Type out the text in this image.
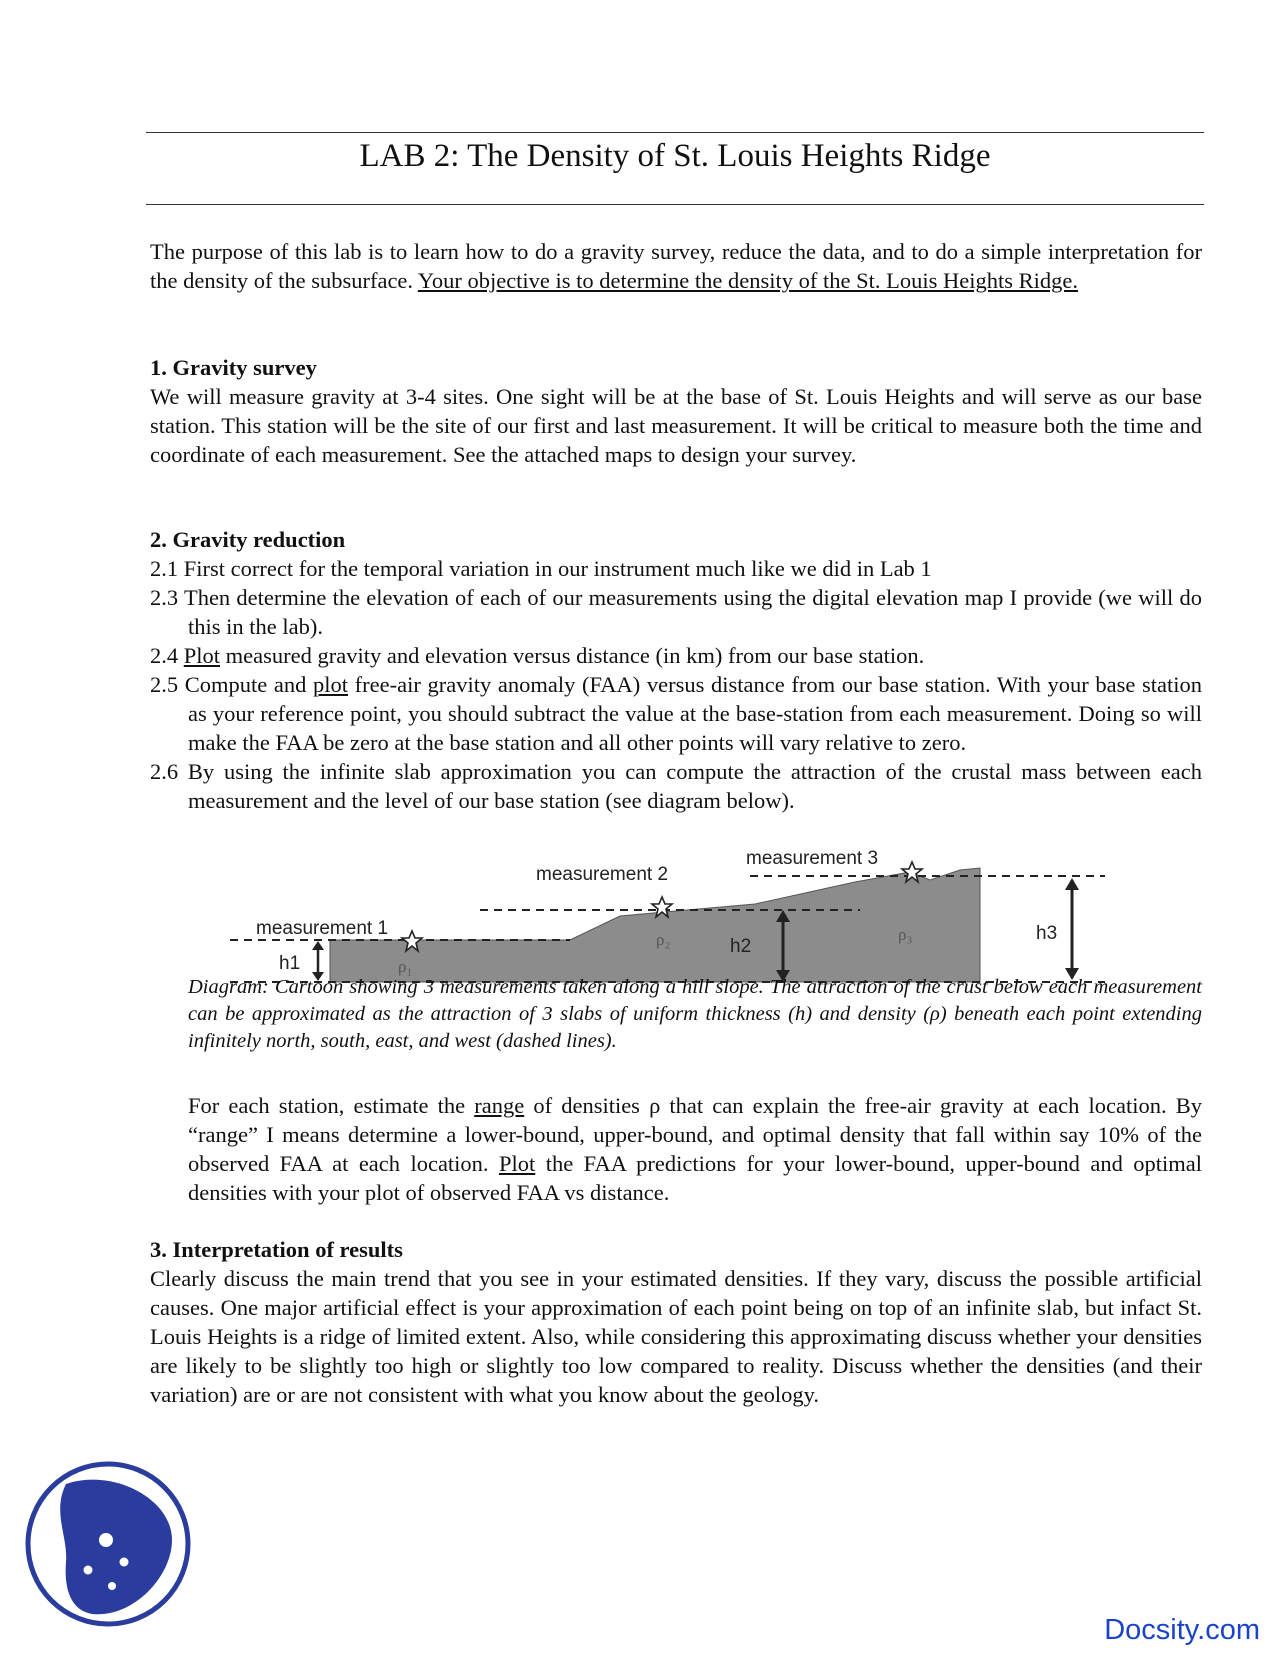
LAB 2: The Density of St. Louis Heights Ridge

The purpose of this lab is to learn how to do a gravity survey, reduce the data, and to do a simple interpretation for the density of the subsurface. Your objective is to determine the density of the St. Louis Heights Ridge.

1. Gravity survey

We will measure gravity at 3-4 sites. One sight will be at the base of St. Louis Heights and will serve as our base station. This station will be the site of our first and last measurement. It will be critical to measure both the time and coordinate of each measurement. See the attached maps to design your survey.

2. Gravity reduction

2.1 First correct for the temporal variation in our instrument much like we did in Lab 1

2.3 Then determine the elevation of each of our measurements using the digital elevation map I provide (we will do this in the lab).

2.4 Plot measured gravity and elevation versus distance (in km) from our base station.

2.5 Compute and plot free-air gravity anomaly (FAA) versus distance from our base station. With your base station as your reference point, you should subtract the value at the base-station from each measurement. Doing so will make the FAA be zero at the base station and all other points will vary relative to zero.

2.6 By using the infinite slab approximation you can compute the attraction of the crustal mass between each measurement and the level of our base station (see diagram below).

measurement 1
measurement 2
measurement 3
h1
h2
h3
ρ₁
ρ₂	ρ₃
Diagram: Cartoon showing 3 measurements taken along a hill slope. The attraction of the crust below each measurement can be approximated as the attraction of 3 slabs of uniform thickness (h) and density (ρ) beneath each point extending infinitely north, south, east, and west (dashed lines).

For each station, estimate the range of densities ρ that can explain the free-air gravity at each location. By “range” I means determine a lower-bound, upper-bound, and optimal density that fall within say 10% of the observed FAA at each location. Plot the FAA predictions for your lower-bound, upper-bound and optimal densities with your plot of observed FAA vs distance.

3. Interpretation of results

Clearly discuss the main trend that you see in your estimated densities. If they vary, discuss the possible artificial causes. One major artificial effect is your approximation of each point being on top of an infinite slab, but infact St. Louis Heights is a ridge of limited extent. Also, while considering this approximating discuss whether your densities are likely to be slightly too high or slightly too low compared to reality. Discuss whether the densities (and their variation) are or are not consistent with what you know about the geology.

Docsity.com
